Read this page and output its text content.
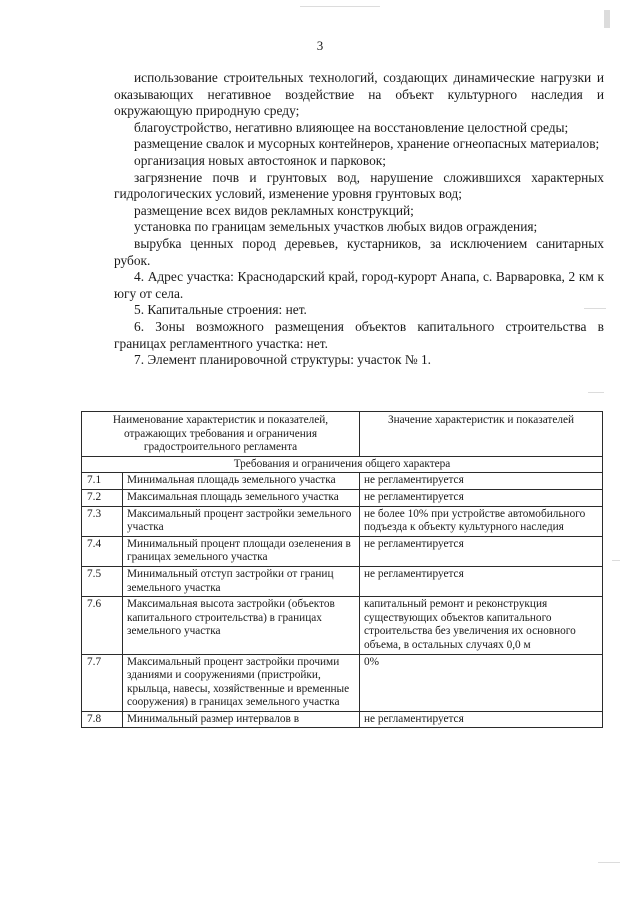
3

использование строительных технологий, создающих динамические нагрузки и оказывающих негативное воздействие на объект культурного наследия и окружающую природную среду;

благоустройство, негативно влияющее на восстановление целостной среды;

размещение свалок и мусорных контейнеров, хранение огнеопасных материалов;

организация новых автостоянок и парковок;

загрязнение почв и грунтовых вод, нарушение сложившихся характерных гидрологических условий, изменение уровня грунтовых вод;

размещение всех видов рекламных конструкций;

установка по границам земельных участков любых видов ограждения;

вырубка ценных пород деревьев, кустарников, за исключением санитарных рубок.

4. Адрес участка: Краснодарский край, город-курорт Анапа, с. Варваровка, 2 км к югу от села.

5. Капитальные строения: нет.

6. Зоны возможного размещения объектов капитального строительства в границах регламентного участка: нет.

7. Элемент планировочной структуры: участок № 1.

Наименование характеристик и показателей, отражающих требования и ограничения градостроительного регламента		Значение характеристик и показателей
Требования и ограничения общего характера		
7.1	Минимальная площадь земельного участка	не регламентируется
7.2	Максимальная площадь земельного участка	не регламентируется
7.3	Максимальный процент застройки земельного участка	не более 10% при устройстве автомобильного подъезда к объекту культурного наследия
7.4	Минимальный процент площади озеленения в границах земельного участка	не регламентируется
7.5	Минимальный отступ застройки от границ земельного участка	не регламентируется
7.6	Максимальная высота застройки (объектов капитального строительства) в границах земельного участка	капитальный ремонт и реконструкция существующих объектов капитального строительства без увеличения их основного объема, в остальных случаях 0,0 м
7.7	Максимальный процент застройки прочими зданиями и сооружениями (пристройки, крыльца, навесы, хозяйственные и временные сооружения) в границах земельного участка	0%
7.8	Минимальный размер интервалов в	не регламентируется
